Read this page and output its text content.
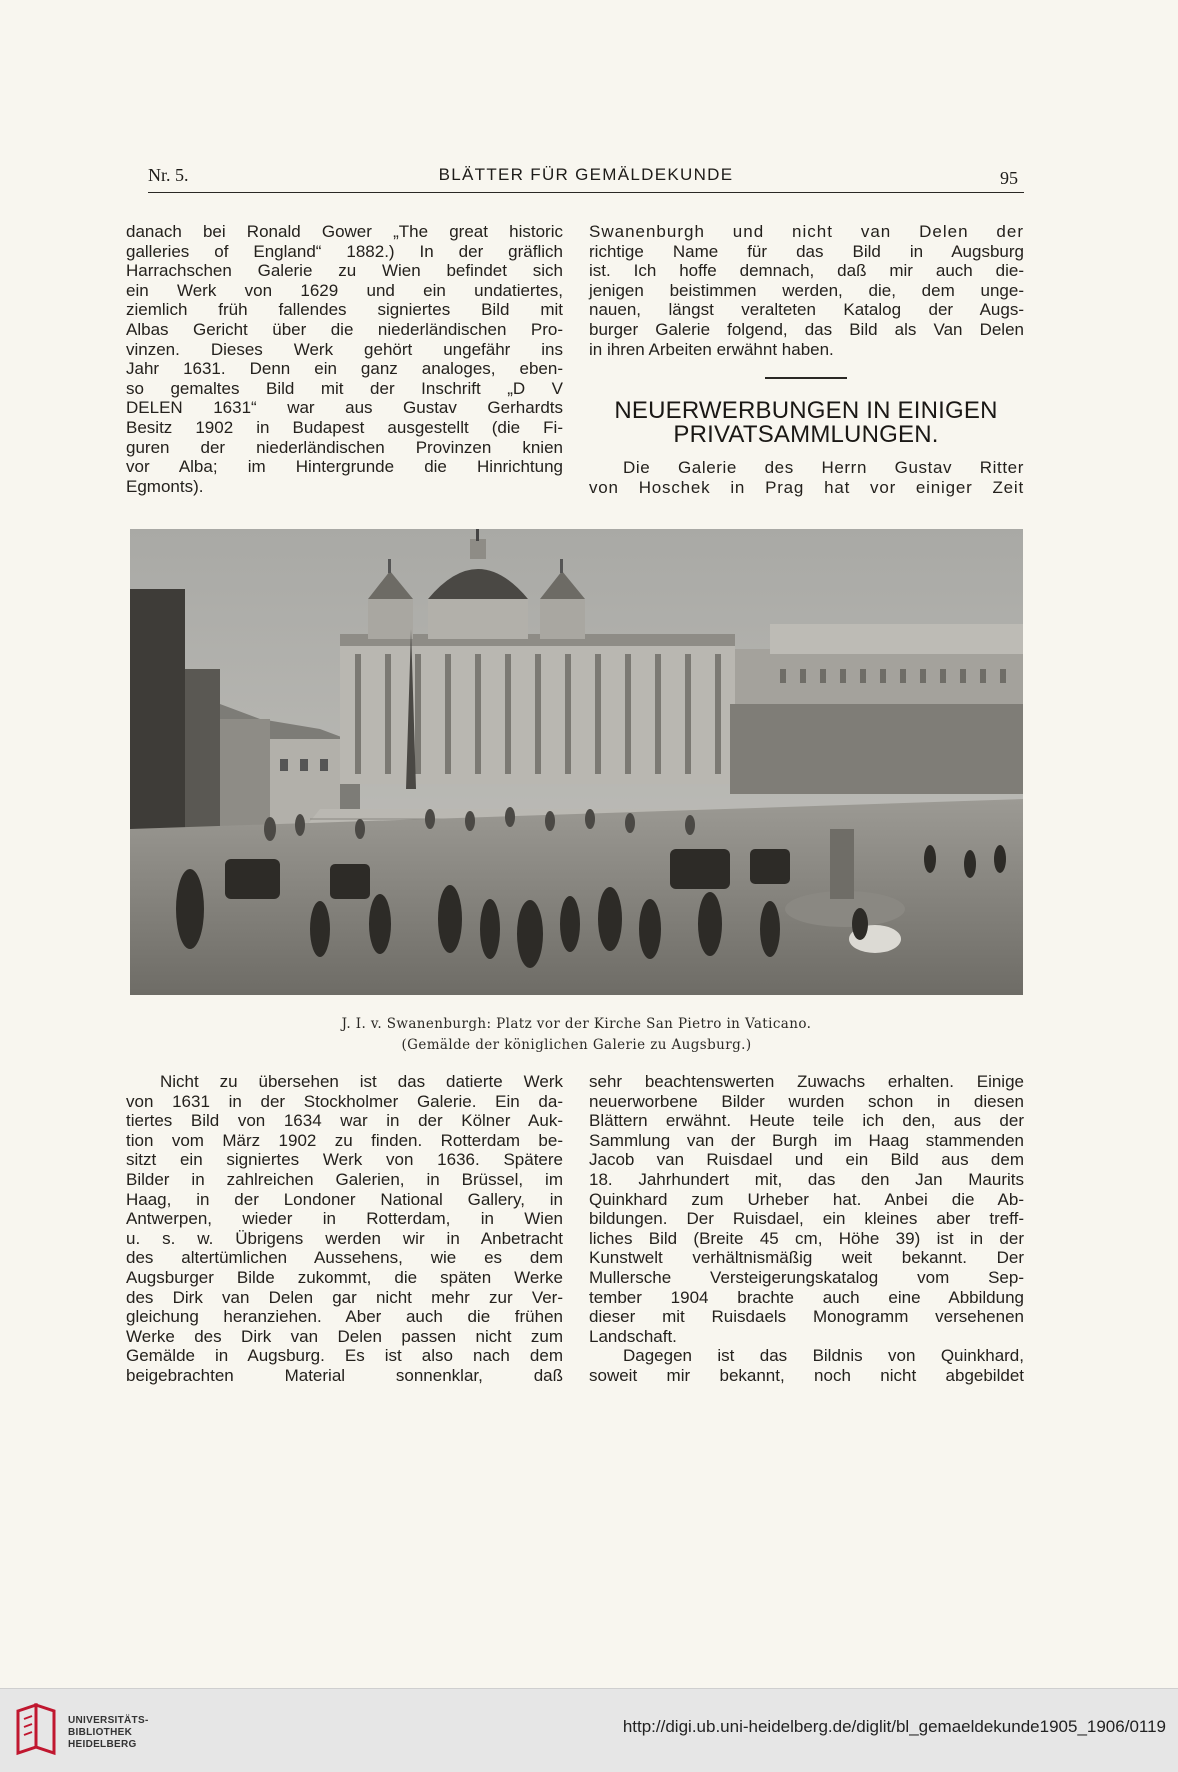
Nr. 5.	BLÄTTER FÜR GEMÄLDEKUNDE	95

danach bei Ronald Gower „The great historic

galleries of England“ 1882.) In der gräflich

Harrachschen Galerie zu Wien befindet sich

ein Werk von 1629 und ein undatiertes,

ziemlich früh fallendes signiertes Bild mit

Albas Gericht über die niederländischen Pro-

vinzen. Dieses Werk gehört ungefähr ins

Jahr 1631. Denn ein ganz analoges, eben-

so gemaltes Bild mit der Inschrift „D V

DELEN 1631“ war aus Gustav Gerhardts

Besitz 1902 in Budapest ausgestellt (die Fi-

guren der niederländischen Provinzen knien

vor Alba; im Hintergrunde die Hinrichtung

Egmonts).

Swanenburgh und nicht van Delen der

richtige Name für das Bild in Augsburg

ist. Ich hoffe demnach, daß mir auch die-

jenigen beistimmen werden, die, dem unge-

nauen, längst veralteten Katalog der Augs-

burger Galerie folgend, das Bild als Van Delen

in ihren Arbeiten erwähnt haben.

NEUERWERBUNGEN IN EINIGEN
PRIVATSAMMLUNGEN.

Die Galerie des Herrn Gustav Ritter

von Hoschek in Prag hat vor einiger Zeit

J. I. v. Swanenburgh: Platz vor der Kirche San Pietro in Vaticano.
(Gemälde der königlichen Galerie zu Augsburg.)

Nicht zu übersehen ist das datierte Werk

von 1631 in der Stockholmer Galerie. Ein da-

tiertes Bild von 1634 war in der Kölner Auk-

tion vom März 1902 zu finden. Rotterdam be-

sitzt ein signiertes Werk von 1636. Spätere

Bilder in zahlreichen Galerien, in Brüssel, im

Haag, in der Londoner National Gallery, in

Antwerpen, wieder in Rotterdam, in Wien

u. s. w. Übrigens werden wir in Anbetracht

des altertümlichen Aussehens, wie es dem

Augsburger Bilde zukommt, die späten Werke

des Dirk van Delen gar nicht mehr zur Ver-

gleichung heranziehen. Aber auch die frühen

Werke des Dirk van Delen passen nicht zum

Gemälde in Augsburg. Es ist also nach dem

beigebrachten Material sonnenklar, daß

sehr beachtenswerten Zuwachs erhalten. Einige

neuerworbene Bilder wurden schon in diesen

Blättern erwähnt. Heute teile ich den, aus der

Sammlung van der Burgh im Haag stammenden

Jacob van Ruisdael und ein Bild aus dem

18. Jahrhundert mit, das den Jan Maurits

Quinkhard zum Urheber hat. Anbei die Ab-

bildungen. Der Ruisdael, ein kleines aber treff-

liches Bild (Breite 45 cm, Höhe 39) ist in der

Kunstwelt verhältnismäßig weit bekannt. Der

Mullersche Versteigerungskatalog vom Sep-

tember 1904 brachte auch eine Abbildung

dieser mit Ruisdaels Monogramm versehenen

Landschaft.

Dagegen ist das Bildnis von Quinkhard,

soweit mir bekannt, noch nicht abgebildet

UNIVERSITÄTS-
BIBLIOTHEK
HEIDELBERG
http://digi.ub.uni-heidelberg.de/diglit/bl_gemaeldekunde1905_1906/0119
